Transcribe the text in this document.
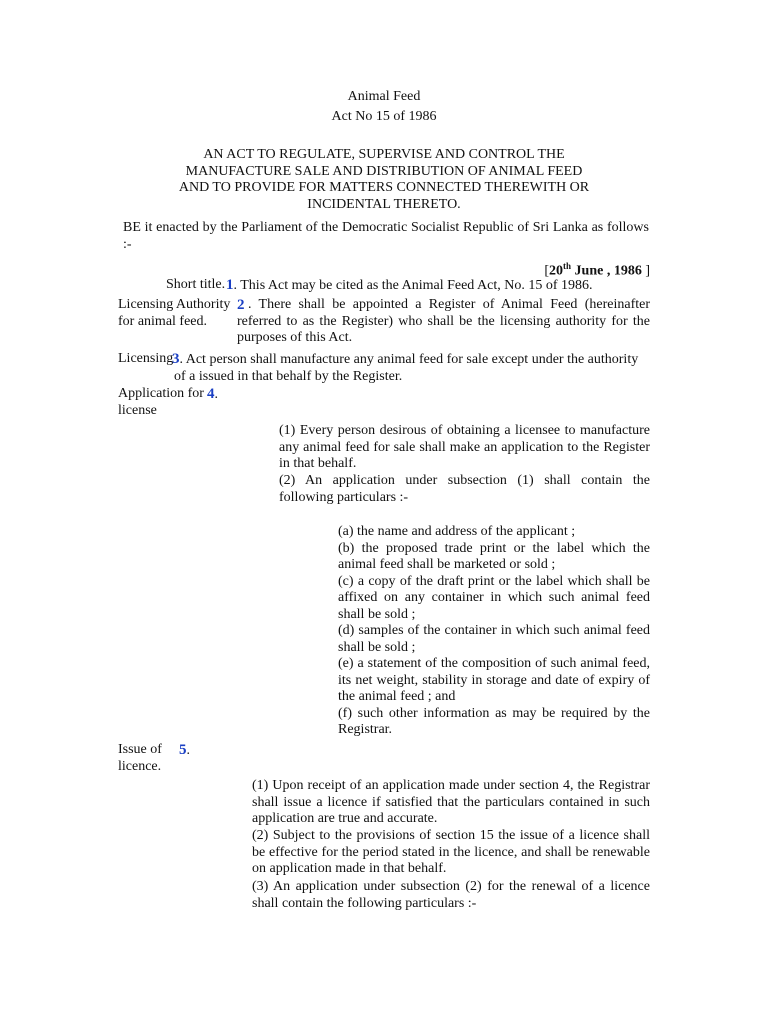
Animal Feed
Act No 15 of 1986
AN ACT TO REGULATE, SUPERVISE AND CONTROL THE
MANUFACTURE SALE AND DISTRIBUTION OF ANIMAL FEED
AND TO PROVIDE FOR MATTERS CONNECTED THEREWITH OR
INCIDENTAL THERETO.
BE it enacted by the Parliament of the Democratic Socialist Republic of Sri Lanka as follows :-
[20th June , 1986 ]
Short title. 1. This Act may be cited as the Animal Feed Act, No. 15 of 1986.
Licensing Authority
for animal feed.
2 . There shall be appointed a Register of Animal Feed (hereinafter referred to as the Register) who shall be the licensing authority for the purposes of this Act.
Licensing
3. Act person shall manufacture any animal feed for sale except under the authority
of a issued in that behalf by the Register.
Application for
license
4.
(1) Every person desirous of obtaining a licensee to manufacture any animal feed for sale shall make an application to the Register in that behalf.
(2) An application under subsection (1) shall contain the following particulars :-
(a) the name and address of the applicant ;
(b) the proposed trade print or the label which the animal feed shall be marketed or sold ;
(c) a copy of the draft print or the label which shall be affixed on any container in which such animal feed shall be sold ;
(d) samples of the container in which such animal feed shall be sold ;
(e) a statement of the composition of such animal feed, its net weight, stability in storage and date of expiry of the animal feed ; and
(f) such other information as may be required by the Registrar.
Issue of
licence.
5.
(1) Upon receipt of an application made under section 4, the Registrar shall issue a licence if satisfied that the particulars contained in such application are true and accurate.
(2) Subject to the provisions of section 15 the issue of a licence shall be effective for the period stated in the licence, and shall be renewable on application made in that behalf.
(3) An application under subsection (2) for the renewal of a licence shall contain the following particulars :-
